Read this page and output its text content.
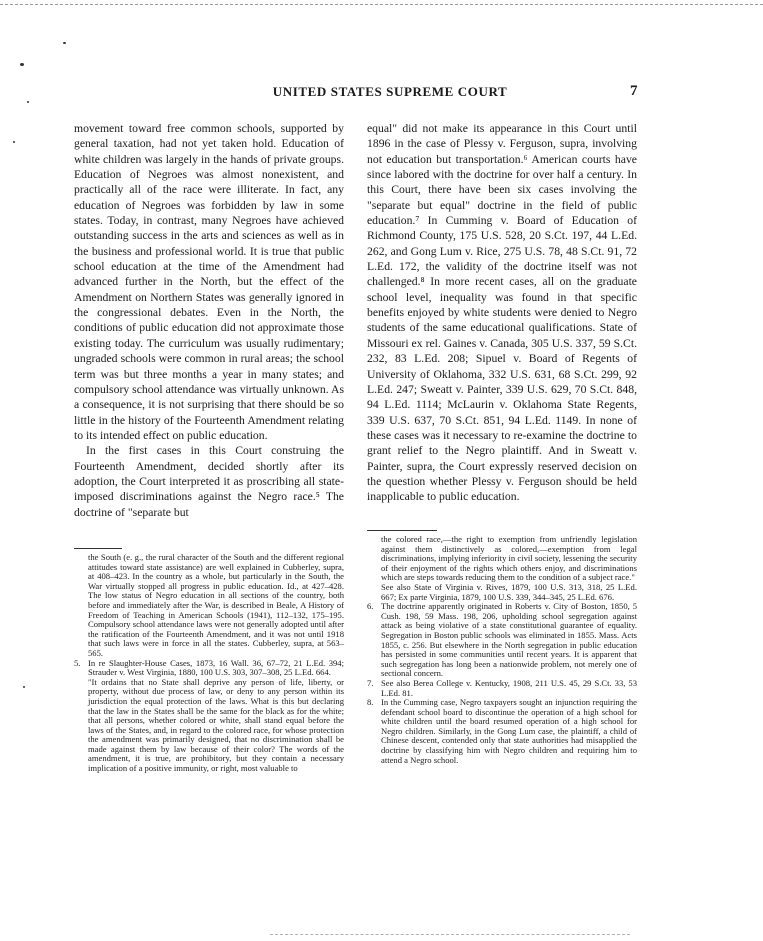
UNITED STATES SUPREME COURT	7

movement toward free common schools, supported by general taxation, had not yet taken hold. Education of white children was largely in the hands of private groups. Education of Negroes was almost nonexistent, and practically all of the race were illiterate. In fact, any education of Negroes was forbidden by law in some states. Today, in contrast, many Negroes have achieved outstanding success in the arts and sciences as well as in the business and professional world. It is true that public school education at the time of the Amendment had advanced further in the North, but the effect of the Amendment on Northern States was generally ignored in the congressional debates. Even in the North, the conditions of public education did not approximate those existing today. The curriculum was usually rudimentary; ungraded schools were common in rural areas; the school term was but three months a year in many states; and compulsory school attendance was virtually unknown. As a consequence, it is not surprising that there should be so little in the history of the Fourteenth Amendment relating to its intended effect on public education.

In the first cases in this Court construing the Fourteenth Amendment, decided shortly after its adoption, the Court interpreted it as proscribing all state-imposed discriminations against the Negro race.⁵ The doctrine of "separate but

equal" did not make its appearance in this Court until 1896 in the case of Plessy v. Ferguson, supra, involving not education but transportation.⁶ American courts have since labored with the doctrine for over half a century. In this Court, there have been six cases involving the "separate but equal" doctrine in the field of public education.⁷ In Cumming v. Board of Education of Richmond County, 175 U.S. 528, 20 S.Ct. 197, 44 L.Ed. 262, and Gong Lum v. Rice, 275 U.S. 78, 48 S.Ct. 91, 72 L.Ed. 172, the validity of the doctrine itself was not challenged.⁸ In more recent cases, all on the graduate school level, inequality was found in that specific benefits enjoyed by white students were denied to Negro students of the same educational qualifications. State of Missouri ex rel. Gaines v. Canada, 305 U.S. 337, 59 S.Ct. 232, 83 L.Ed. 208; Sipuel v. Board of Regents of University of Oklahoma, 332 U.S. 631, 68 S.Ct. 299, 92 L.Ed. 247; Sweatt v. Painter, 339 U.S. 629, 70 S.Ct. 848, 94 L.Ed. 1114; McLaurin v. Oklahoma State Regents, 339 U.S. 637, 70 S.Ct. 851, 94 L.Ed. 1149. In none of these cases was it necessary to re-examine the doctrine to grant relief to the Negro plaintiff. And in Sweatt v. Painter, supra, the Court expressly reserved decision on the question whether Plessy v. Ferguson should be held inapplicable to public education.

the South (e. g., the rural character of the South and the different regional attitudes toward state assistance) are well explained in Cubberley, supra, at 408–423. In the country as a whole, but particularly in the South, the War virtually stopped all progress in public education. Id., at 427–428. The low status of Negro education in all sections of the country, both before and immediately after the War, is described in Beale, A History of Freedom of Teaching in American Schools (1941), 112–132, 175–195. Compulsory school attendance laws were not generally adopted until after the ratification of the Fourteenth Amendment, and it was not until 1918 that such laws were in force in all the states. Cubberley, supra, at 563–565.
5. In re Slaughter-House Cases, 1873, 16 Wall. 36, 67–72, 21 L.Ed. 394; Strauder v. West Virginia, 1880, 100 U.S. 303, 307–308, 25 L.Ed. 664.
"It ordains that no State shall deprive any person of life, liberty, or property, without due process of law, or deny to any person within its jurisdiction the equal protection of the laws. What is this but declaring that the law in the States shall be the same for the black as for the white; that all persons, whether colored or white, shall stand equal before the laws of the States, and, in regard to the colored race, for whose protection the amendment was primarily designed, that no discrimination shall be made against them by law because of their color? The words of the amendment, it is true, are prohibitory, but they contain a necessary implication of a positive immunity, or right, most valuable to
the colored race,—the right to exemption from unfriendly legislation against them distinctively as colored,—exemption from legal discriminations, implying inferiority in civil society, lessening the security of their enjoyment of the rights which others enjoy, and discriminations which are steps towards reducing them to the condition of a subject race."
See also State of Virginia v. Rives, 1879, 100 U.S. 313, 318, 25 L.Ed. 667; Ex parte Virginia, 1879, 100 U.S. 339, 344–345, 25 L.Ed. 676.
6. The doctrine apparently originated in Roberts v. City of Boston, 1850, 5 Cush. 198, 59 Mass. 198, 206, upholding school segregation against attack as being violative of a state constitutional guarantee of equality. Segregation in Boston public schools was eliminated in 1855. Mass. Acts 1855, c. 256. But elsewhere in the North segregation in public education has persisted in some communities until recent years. It is apparent that such segregation has long been a nationwide problem, not merely one of sectional concern.
7. See also Berea College v. Kentucky, 1908, 211 U.S. 45, 29 S.Ct. 33, 53 L.Ed. 81.
8. In the Cumming case, Negro taxpayers sought an injunction requiring the defendant school board to discontinue the operation of a high school for white children until the board resumed operation of a high school for Negro children. Similarly, in the Gong Lum case, the plaintiff, a child of Chinese descent, contended only that state authorities had misapplied the doctrine by classifying him with Negro children and requiring him to attend a Negro school.
